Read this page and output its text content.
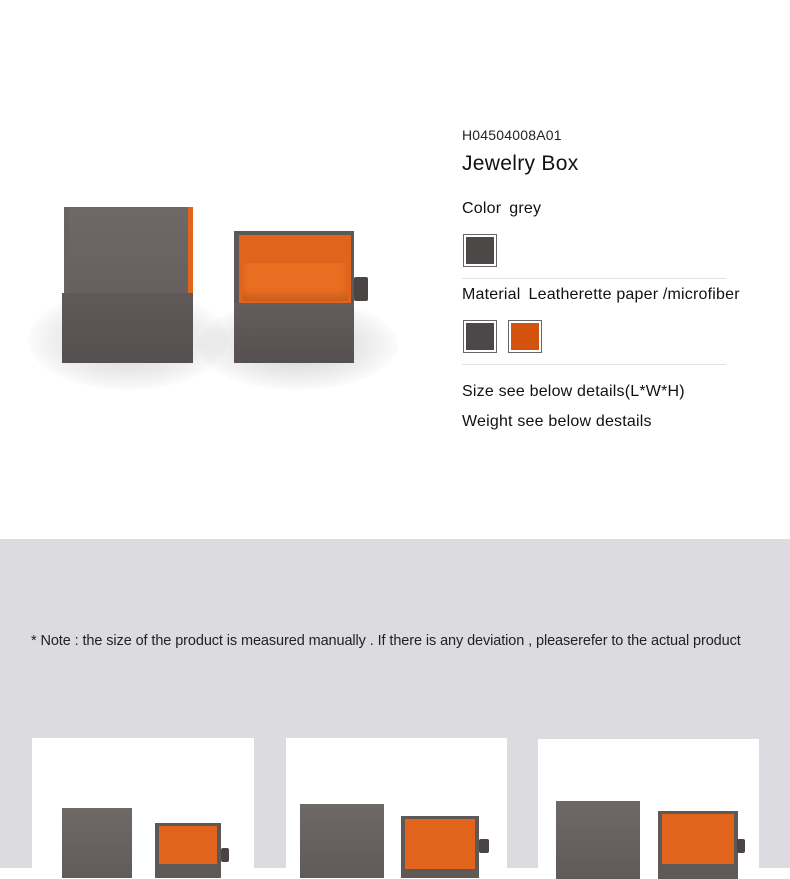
H04504008A01
Jewelry Box
Color grey
Material Leatherette paper /microfiber
Size see below details(L*W*H)
Weight see below destails
* Note : the size of the product is measured manually . If there is any deviation , pleaserefer to the actual product
